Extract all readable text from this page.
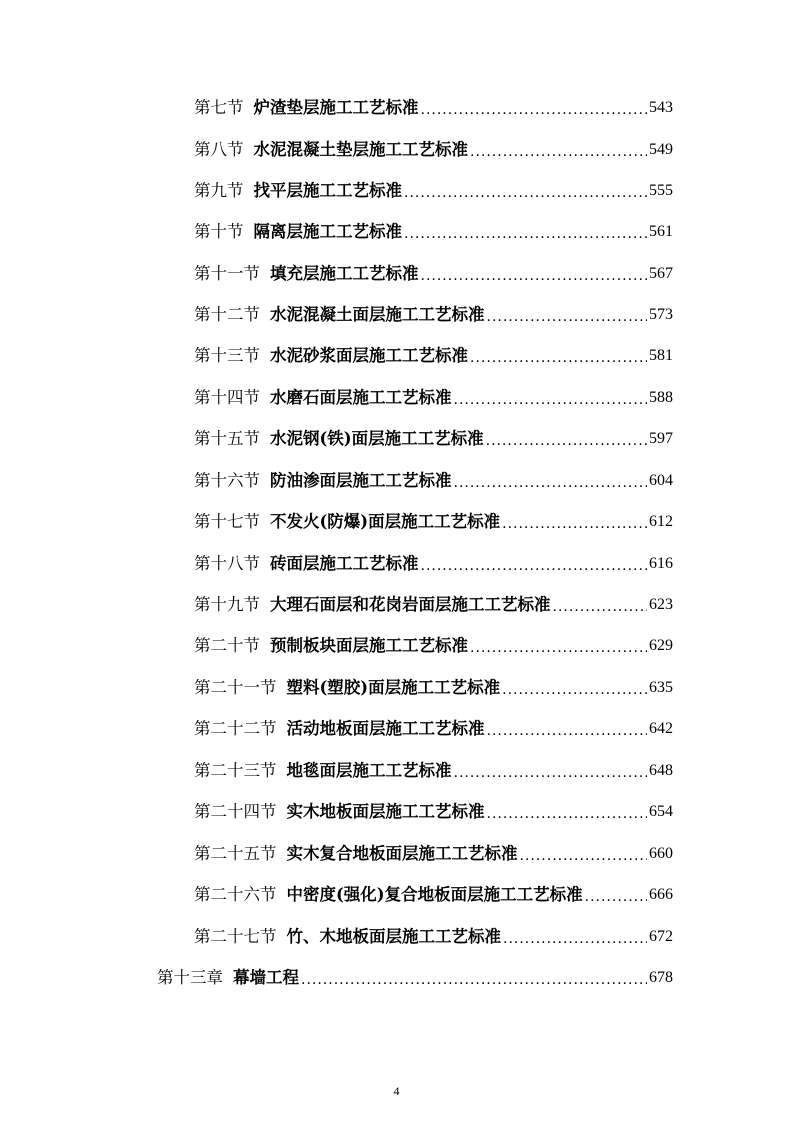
第七节 炉渣垫层施工工艺标准 .....	543
第八节 水泥混凝土垫层施工工艺标准 .....	549
第九节 找平层施工工艺标准 .....	555
第十节 隔离层施工工艺标准 .....	561
第十一节 填充层施工工艺标准 .....	567
第十二节 水泥混凝土面层施工工艺标准 .....	573
第十三节 水泥砂浆面层施工工艺标准 .....	581
第十四节 水磨石面层施工工艺标准 .....	588
第十五节 水泥钢(铁)面层施工工艺标准 .....	597
第十六节 防油渗面层施工工艺标准 .....	604
第十七节 不发火(防爆)面层施工工艺标准 .....	612
第十八节 砖面层施工工艺标准 .....	616
第十九节 大理石面层和花岗岩面层施工工艺标准 .....	623
第二十节 预制板块面层施工工艺标准 .....	629
第二十一节 塑料(塑胶)面层施工工艺标准 .....	635
第二十二节 活动地板面层施工工艺标准 .....	642
第二十三节 地毯面层施工工艺标准 .....	648
第二十四节 实木地板面层施工工艺标准 .....	654
第二十五节 实木复合地板面层施工工艺标准 .....	660
第二十六节 中密度(强化)复合地板面层施工工艺标准 .....	666
第二十七节 竹、木地板面层施工工艺标准 .....	672
第十三章 幕墙工程 .....	678
4
